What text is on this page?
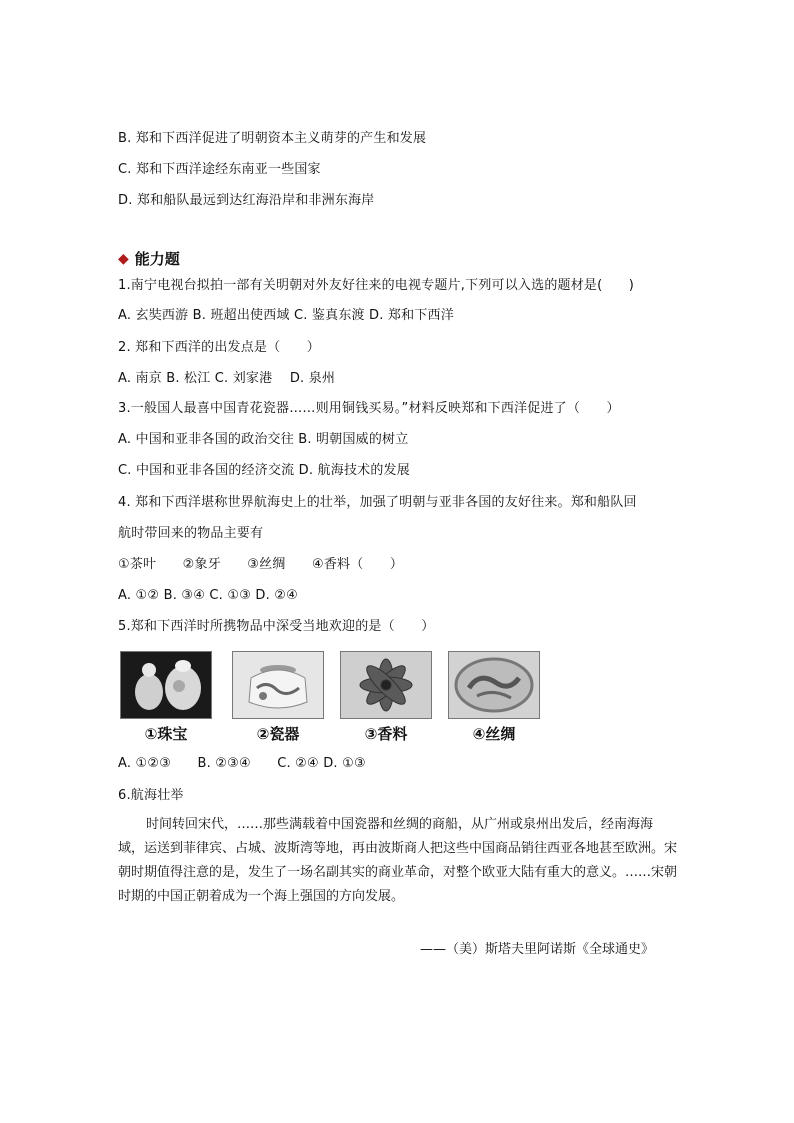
B. 郑和下西洋促进了明朝资本主义萌芽的产生和发展
C. 郑和下西洋途经东南亚一些国家
D. 郑和船队最远到达红海沿岸和非洲东海岸
◆ 能力题
1.南宁电视台拟拍一部有关明朝对外友好往来的电视专题片,下列可以入选的题材是(　　)
A. 玄奘西游 B. 班超出使西域 C. 鉴真东渡 D. 郑和下西洋
2. 郑和下西洋的出发点是（　　）
A. 南京 B. 松江 C. 刘家港　 D. 泉州
3.一般国人最喜中国青花瓷器……则用铜钱买易。”材料反映郑和下西洋促进了（　　）
A. 中国和亚非各国的政治交往 B. 明朝国威的树立
C. 中国和亚非各国的经济交流 D. 航海技术的发展
4. 郑和下西洋堪称世界航海史上的壮举，加强了明朝与亚非各国的友好往来。郑和船队回
航时带回来的物品主要有
①茶叶　　②象牙　　③丝绸　　④香料（　　）
A. ①② B. ③④ C. ①③ D. ②④
5.郑和下西洋时所携物品中深受当地欢迎的是（　　）
①珠宝	②瓷器	③香料	④丝绸
A. ①②③　　B. ②③④　　C. ②④ D. ①③
6.航海壮举
时间转回宋代，……那些满载着中国瓷器和丝绸的商船，从广州或泉州出发后，经南海海域，运送到菲律宾、占城、波斯湾等地，再由波斯商人把这些中国商品销往西亚各地甚至欧洲。宋朝时期值得注意的是，发生了一场名副其实的商业革命，对整个欧亚大陆有重大的意义。……宋朝时期的中国正朝着成为一个海上强国的方向发展。
——（美）斯塔夫里阿诺斯《全球通史》
